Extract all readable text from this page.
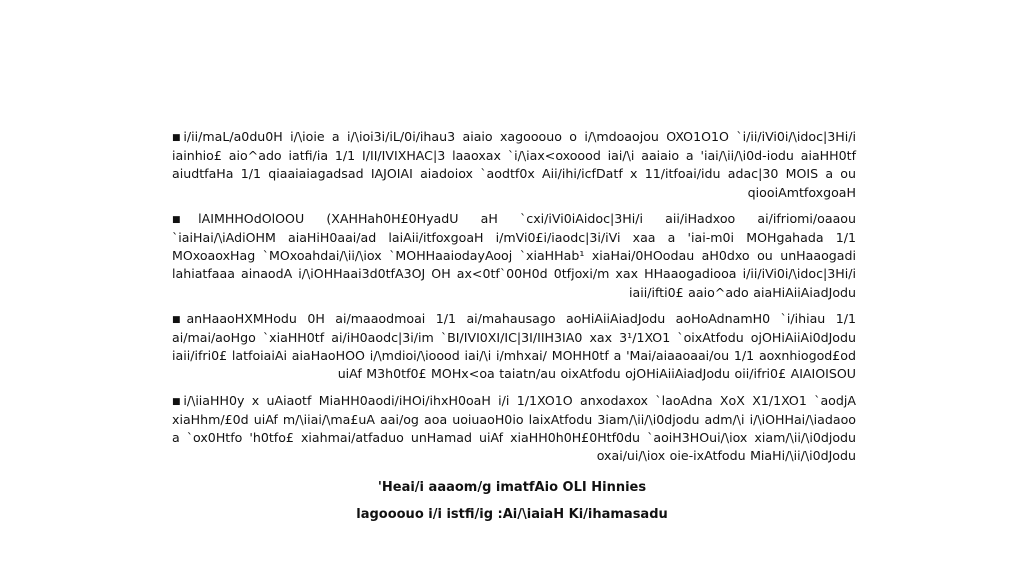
■i/ii/maL/a0du0H i/\ioie a i/\ioi3i/iL/0i/ihau3 aiaio xagooouo o i/\mdoaojou OXO1O1O `i/ii/iVi0i/\idoc|3Hi/i iainhio£ aio^ado iatfi/ia 1/1 I/II/IVIXHAC|3 laaoxax `i/\iax<oxoood iai/\i aaiaio a 'iai/\ii/\i0d-iodu aiaHH0tf aiudtfaHa 1/1 qiaaiaiagadsad IAJOIAI aiadoiox `aodtf0x Aii/ihi/icfDatf x 11/itfoai/idu adac|30 MOIS a ou qiooiAmtfoxgoaH

■lAIMHHOdOlOOU (XAHHah0H£0HyadU aH `cxi/iVi0iAidoc|3Hi/i aii/iHadxoo ai/ifriomi/oaaou `iaiHai/\iAdiOHM aiaHiH0aai/ad laiAii/itfoxgoaH i/mVi0£i/iaodc|3i/iVi xaa a 'iai-m0i MOHgahada 1/1 MOxoaoxHag `MOxoahdai/\ii/\iox `MOHHaaiodayAooj `xiaHHab¹ xiaHai/0HOodau aH0dxo ou unHaaogadi lahiatfaaa ainaodA i/\iOHHaai3d0tfA3OJ OH ax<0tf`00H0d 0tfjoxi/m xax HHaaogadiooa i/ii/iVi0i/\idoc|3Hi/i iaii/ifti0£ aaio^ado aiaHiAiiAiadJodu

■anHaaoHXMHodu 0H ai/maaodmoai 1/1 ai/mahausago aoHiAiiAiadJodu aoHoAdnamH0 `i/ihiau 1/1 ai/mai/aoHgo `xiaHH0tf ai/iH0aodc|3i/im `BI/IVI0XI/IC|3I/IIH3IA0 xax 3¹/1XO1 `oixAtfodu ojOHiAiiAi0dJodu iaii/ifri0£ latfoiaiAi aiaHaoHOO i/\mdioi/\ioood iai/\i i/mhxai/ MOHH0tf a 'Mai/aiaaoaai/ou 1/1 aoxnhiogod£od uiAf M3h0tf0£ MOHx<oa taiatn/au oixAtfodu ojOHiAiiAiadJodu oii/ifri0£ AIAIOISOU

■i/\iiaHH0y x uAiaotf MiaHH0aodi/iHOi/ihxH0oaH i/i 1/1XO1O anxodaxox `laoAdna XoX X1/1XO1 `aodjA xiaHhm/£0d uiAf m/\iiai/\ma£uA aai/og aoa uoiuaoH0io laixAtfodu 3iam/\ii/\i0djodu adm/\i i/\iOHHai/\iadaoo a `ox0Htfo 'h0tfo£ xiahmai/atfaduo unHamad uiAf xiaHH0h0H£0Htf0du `aoiH3HOui/\iox xiam/\ii/\i0djodu oxai/ui/\iox oie-ixAtfodu MiaHi/\ii/\i0dJodu

'Heai/i aaaom/g imatfAio OLI Hinnies
lagooouo i/i istfi/ig :Ai/\iaiaH Ki/ihamasadu
